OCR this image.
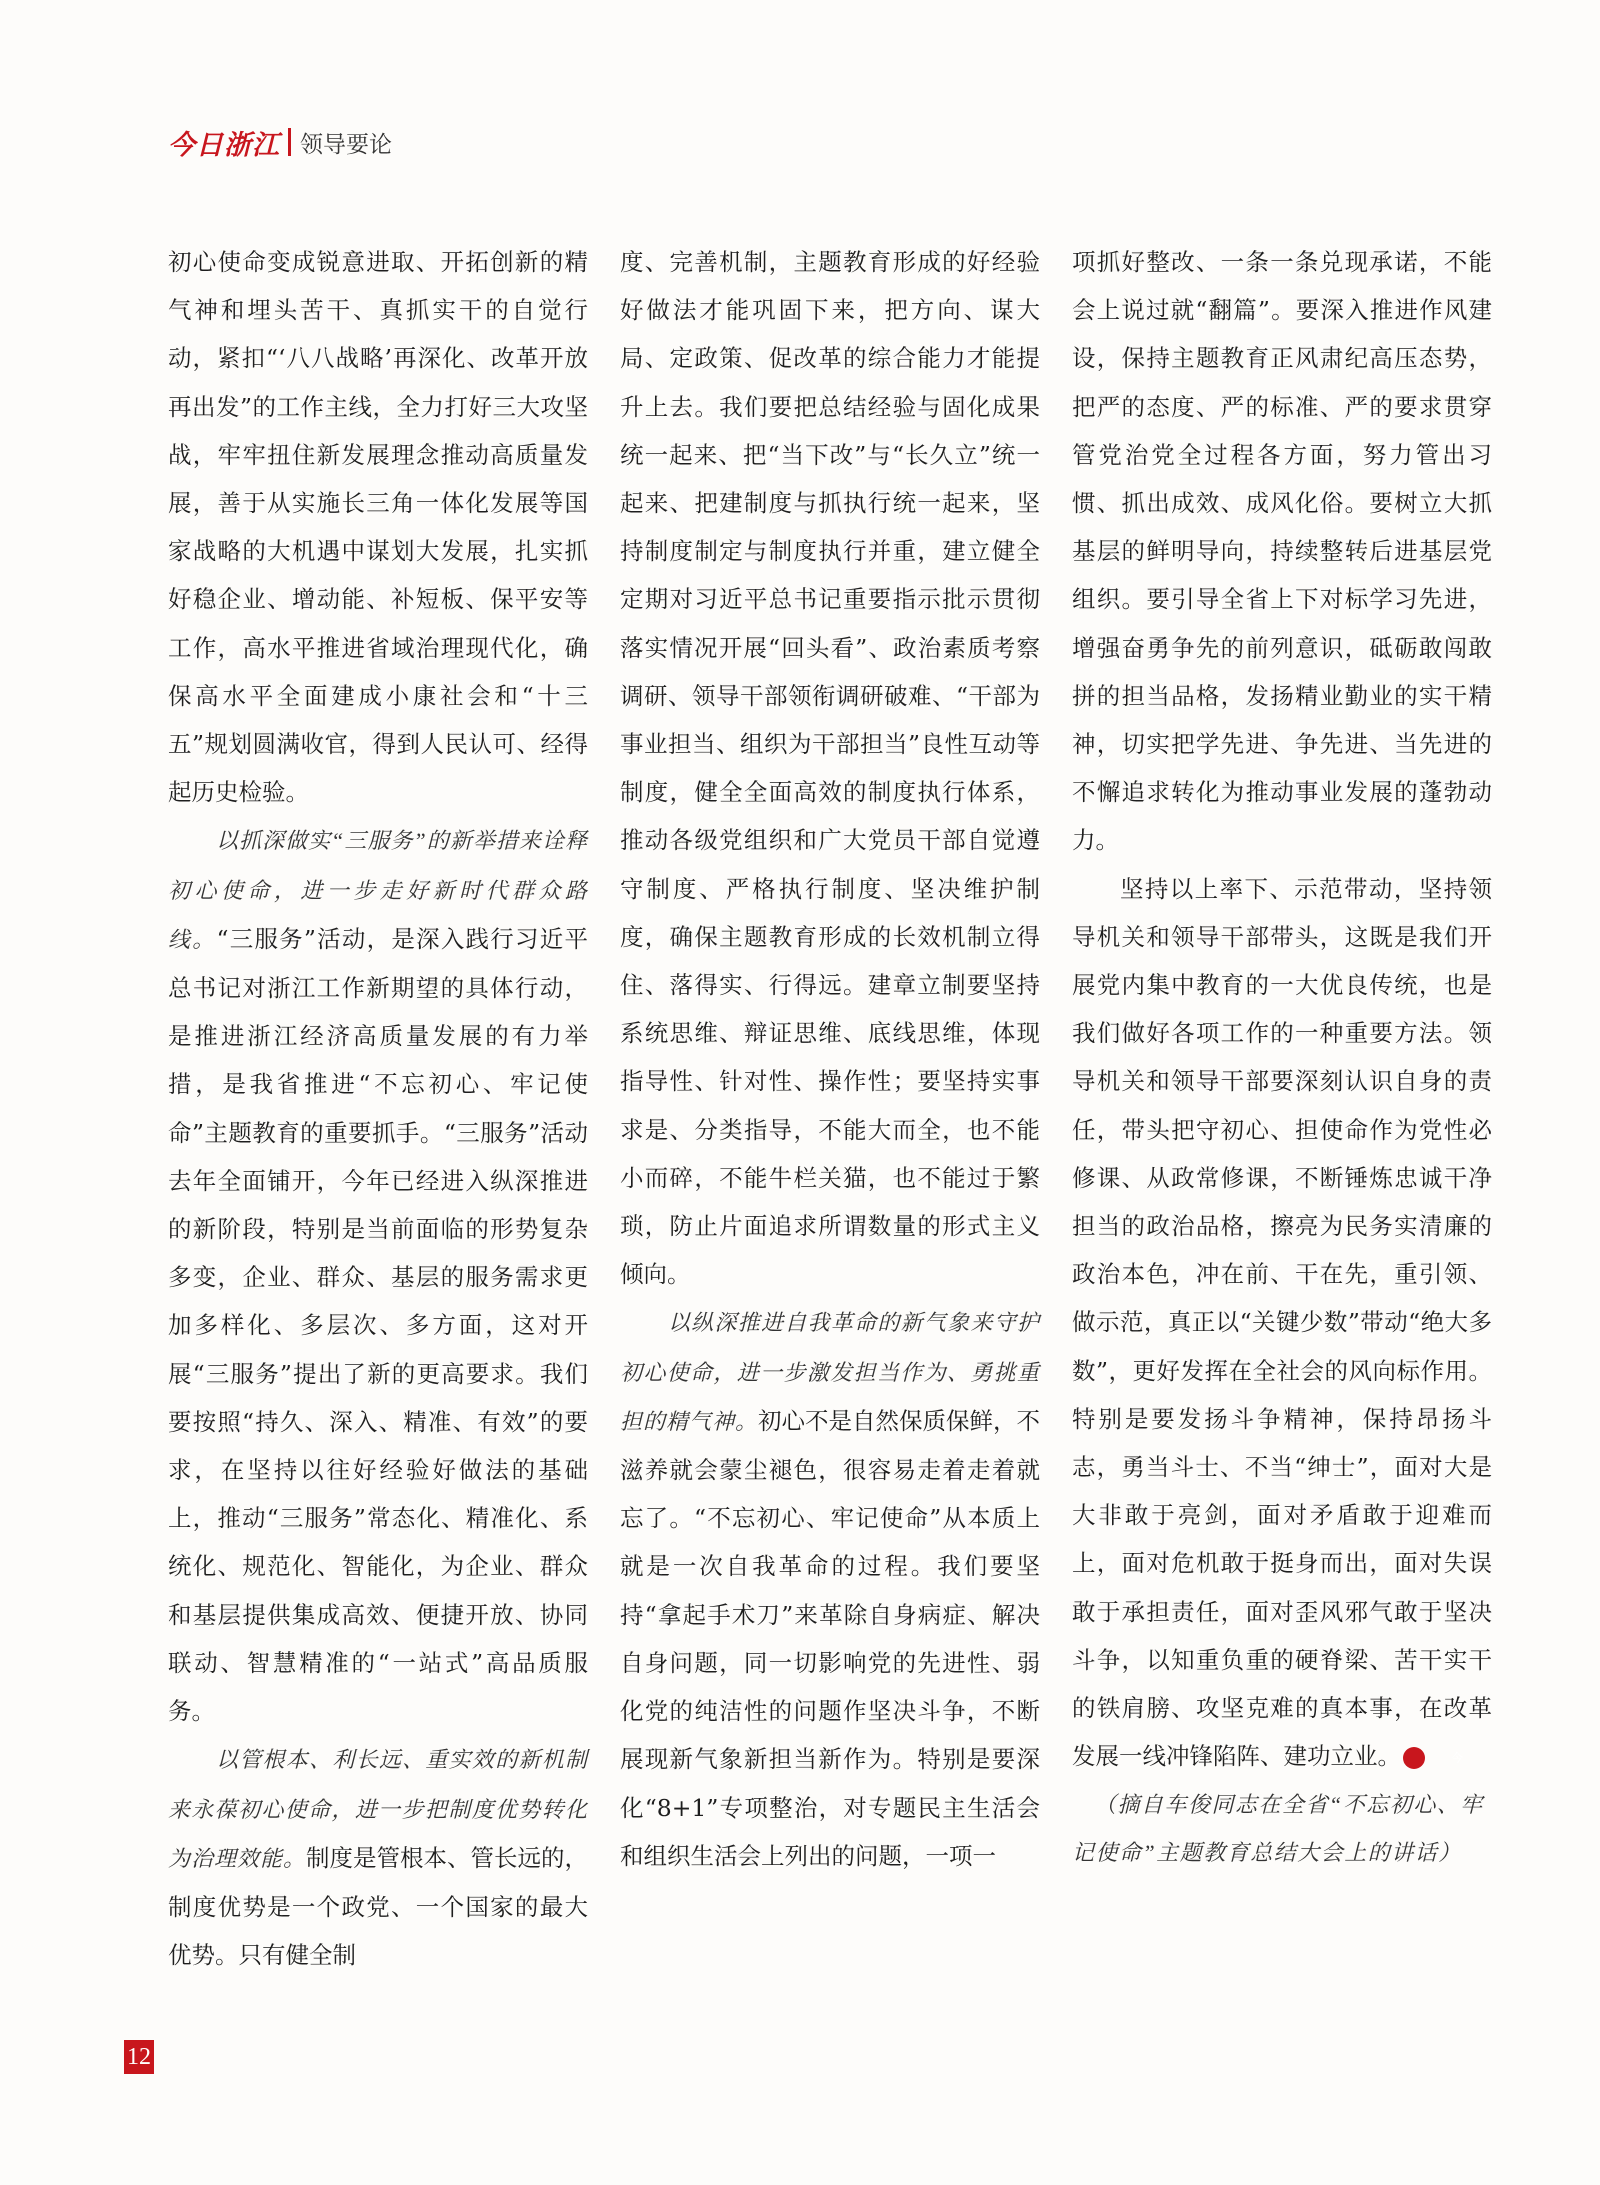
今日浙江 领导要论

初心使命变成锐意进取、开拓创新的精气神和埋头苦干、真抓实干的自觉行动，紧扣“‘八八战略’再深化、改革开放再出发”的工作主线，全力打好三大攻坚战，牢牢扭住新发展理念推动高质量发展，善于从实施长三角一体化发展等国家战略的大机遇中谋划大发展，扎实抓好稳企业、增动能、补短板、保平安等工作，高水平推进省域治理现代化，确保高水平全面建成小康社会和“十三五”规划圆满收官，得到人民认可、经得起历史检验。

以抓深做实“三服务”的新举措来诠释初心使命，进一步走好新时代群众路线。“三服务”活动，是深入践行习近平总书记对浙江工作新期望的具体行动，是推进浙江经济高质量发展的有力举措，是我省推进“不忘初心、牢记使命”主题教育的重要抓手。“三服务”活动去年全面铺开，今年已经进入纵深推进的新阶段，特别是当前面临的形势复杂多变，企业、群众、基层的服务需求更加多样化、多层次、多方面，这对开展“三服务”提出了新的更高要求。我们要按照“持久、深入、精准、有效”的要求，在坚持以往好经验好做法的基础上，推动“三服务”常态化、精准化、系统化、规范化、智能化，为企业、群众和基层提供集成高效、便捷开放、协同联动、智慧精准的“一站式”高品质服务。

以管根本、利长远、重实效的新机制来永葆初心使命，进一步把制度优势转化为治理效能。制度是管根本、管长远的，制度优势是一个政党、一个国家的最大优势。只有健全制

度、完善机制，主题教育形成的好经验好做法才能巩固下来，把方向、谋大局、定政策、促改革的综合能力才能提升上去。我们要把总结经验与固化成果统一起来、把“当下改”与“长久立”统一起来、把建制度与抓执行统一起来，坚持制度制定与制度执行并重，建立健全定期对习近平总书记重要指示批示贯彻落实情况开展“回头看”、政治素质考察调研、领导干部领衔调研破难、“干部为事业担当、组织为干部担当”良性互动等制度，健全全面高效的制度执行体系，推动各级党组织和广大党员干部自觉遵守制度、严格执行制度、坚决维护制度，确保主题教育形成的长效机制立得住、落得实、行得远。建章立制要坚持系统思维、辩证思维、底线思维，体现指导性、针对性、操作性；要坚持实事求是、分类指导，不能大而全，也不能小而碎，不能牛栏关猫，也不能过于繁琐，防止片面追求所谓数量的形式主义倾向。

以纵深推进自我革命的新气象来守护初心使命，进一步激发担当作为、勇挑重担的精气神。初心不是自然保质保鲜，不滋养就会蒙尘褪色，很容易走着走着就忘了。“不忘初心、牢记使命”从本质上就是一次自我革命的过程。我们要坚持“拿起手术刀”来革除自身病症、解决自身问题，同一切影响党的先进性、弱化党的纯洁性的问题作坚决斗争，不断展现新气象新担当新作为。特别是要深化“8+1”专项整治，对专题民主生活会和组织生活会上列出的问题，一项一

项抓好整改、一条一条兑现承诺，不能会上说过就“翻篇”。要深入推进作风建设，保持主题教育正风肃纪高压态势，把严的态度、严的标准、严的要求贯穿管党治党全过程各方面，努力管出习惯、抓出成效、成风化俗。要树立大抓基层的鲜明导向，持续整转后进基层党组织。要引导全省上下对标学习先进，增强奋勇争先的前列意识，砥砺敢闯敢拼的担当品格，发扬精业勤业的实干精神，切实把学先进、争先进、当先进的不懈追求转化为推动事业发展的蓬勃动力。

坚持以上率下、示范带动，坚持领导机关和领导干部带头，这既是我们开展党内集中教育的一大优良传统，也是我们做好各项工作的一种重要方法。领导机关和领导干部要深刻认识自身的责任，带头把守初心、担使命作为党性必修课、从政常修课，不断锤炼忠诚干净担当的政治品格，擦亮为民务实清廉的政治本色，冲在前、干在先，重引领、做示范，真正以“关键少数”带动“绝大多数”，更好发挥在全社会的风向标作用。特别是要发扬斗争精神，保持昂扬斗志，勇当斗士、不当“绅士”，面对大是大非敢于亮剑，面对矛盾敢于迎难而上，面对危机敢于挺身而出，面对失误敢于承担责任，面对歪风邪气敢于坚决斗争，以知重负重的硬脊梁、苦干实干的铁肩膀、攻坚克难的真本事，在改革发展一线冲锋陷阵、建功立业。	今

（摘自车俊同志在全省“不忘初心、牢记使命”主题教育总结大会上的讲话）

12
